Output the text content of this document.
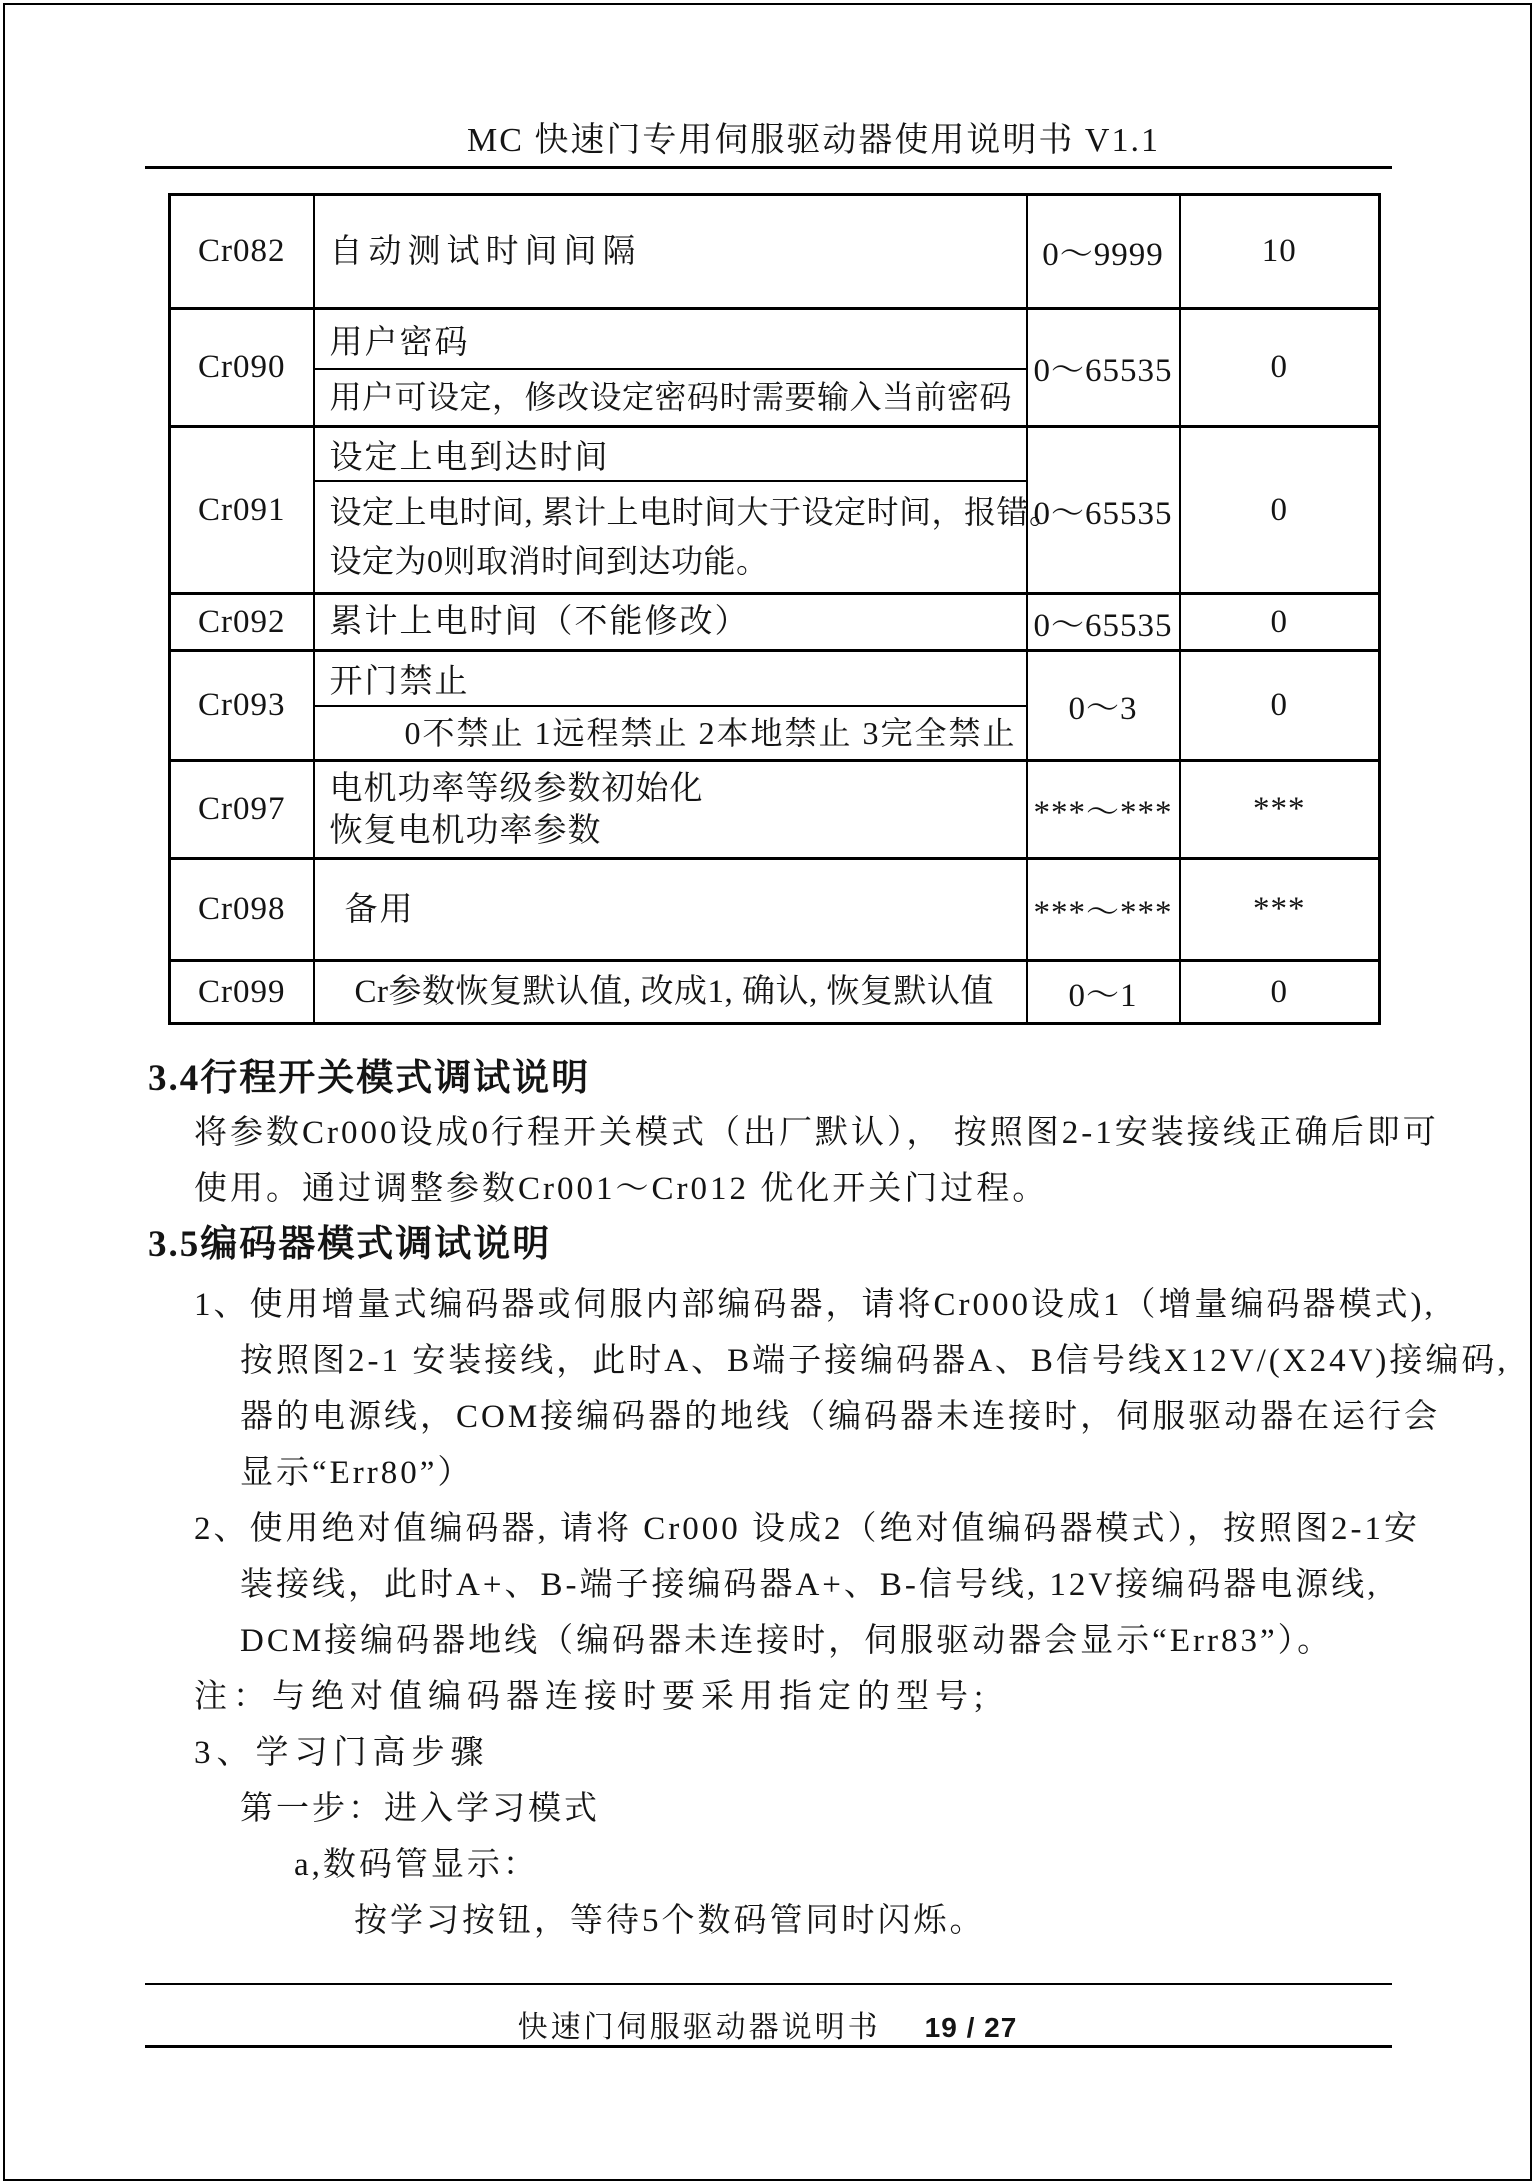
MC 快速门专用伺服驱动器使用说明书 V1.1
Cr082	自动测试时间间隔	0～9999	10
Cr090	用户密码
用户可设定，修改设定密码时需要输入当前密码	0～65535	0
Cr091	设定上电到达时间
设定上电时间, 累计上电时间大于设定时间，报错。
设定为0则取消时间到达功能。	0～65535	0
Cr092	累计上电时间（不能修改）	0～65535	0
Cr093	开门禁止
0不禁止 1远程禁止 2本地禁止 3完全禁止	0～3	0
Cr097	电机功率等级参数初始化
恢复电机功率参数	***～***	***
Cr098	备用	***～***	***
Cr099	Cr参数恢复默认值, 改成1, 确认, 恢复默认值	0～1	0
3.4行程开关模式调试说明
将参数Cr000设成0行程开关模式（出厂默认）， 按照图2-1安装接线正确后即可
使用。通过调整参数Cr001～Cr012 优化开关门过程。
3.5编码器模式调试说明
1、使用增量式编码器或伺服内部编码器，请将Cr000设成1（增量编码器模式),
按照图2-1 安装接线，此时A、B端子接编码器A、B信号线X12V/(X24V)接编码,
器的电源线，COM接编码器的地线（编码器未连接时，伺服驱动器在运行会
显示“Err80”）
2、使用绝对值编码器, 请将 Cr000 设成2（绝对值编码器模式），按照图2-1安
装接线，此时A+、B-端子接编码器A+、B-信号线, 12V接编码器电源线,
DCM接编码器地线（编码器未连接时，伺服驱动器会显示“Err83”）。
注：与绝对值编码器连接时要采用指定的型号;
3、学习门高步骤
第一步：进入学习模式
a,数码管显示：
按学习按钮，等待5个数码管同时闪烁。
快速门伺服驱动器说明书 19 / 27
